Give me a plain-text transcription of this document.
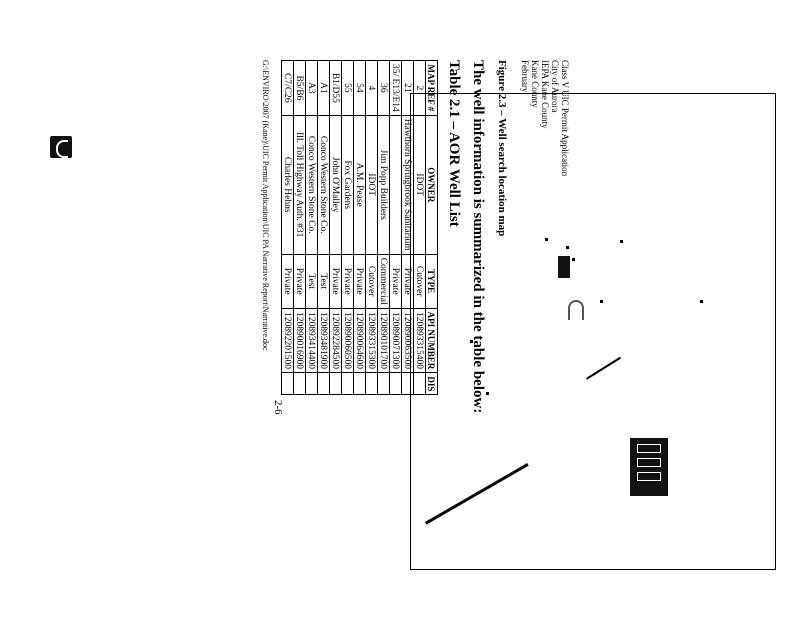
Class V UIC Permit Application
City of Aurora
IEPA Kane County
Kane County
February
Figure 2.3 – Well search location map
The well information is summarized in the table below:
Table 2.1 – AOR Well List
MAP REF #	OWNER	TYPE	API NUMBER	DIS
2	IDOT	Cutover	120893315400	
21	Hawthorn Springbrook Sanitarium	Private	120890063500	
35/ E13/E14		Private	120890071300	
36	Jim Popp Builders	Commercial	120890101700	
4	IDOT	Cutover	120893315300	
54	A.M. Pease	Private	120890064600	
55	Fox Gardens	Private	120890060500	
B1/D55	John O'Malley	Private	120892284500	
A1	Conco Western Stone Co.	Test	120893481900	
A3	Conco Western Stone Co.	Test	120893414400	
B5/B6	Ill. Toll Highway Auth. #31	Private	120890016900	
C7/C26	Charles Hehns	Private	120892201500	
2-6
G:\ENVIRO\2007 (Kane)\UIC Permit Application\UIC PA Narrative Report\Narrative.doc
